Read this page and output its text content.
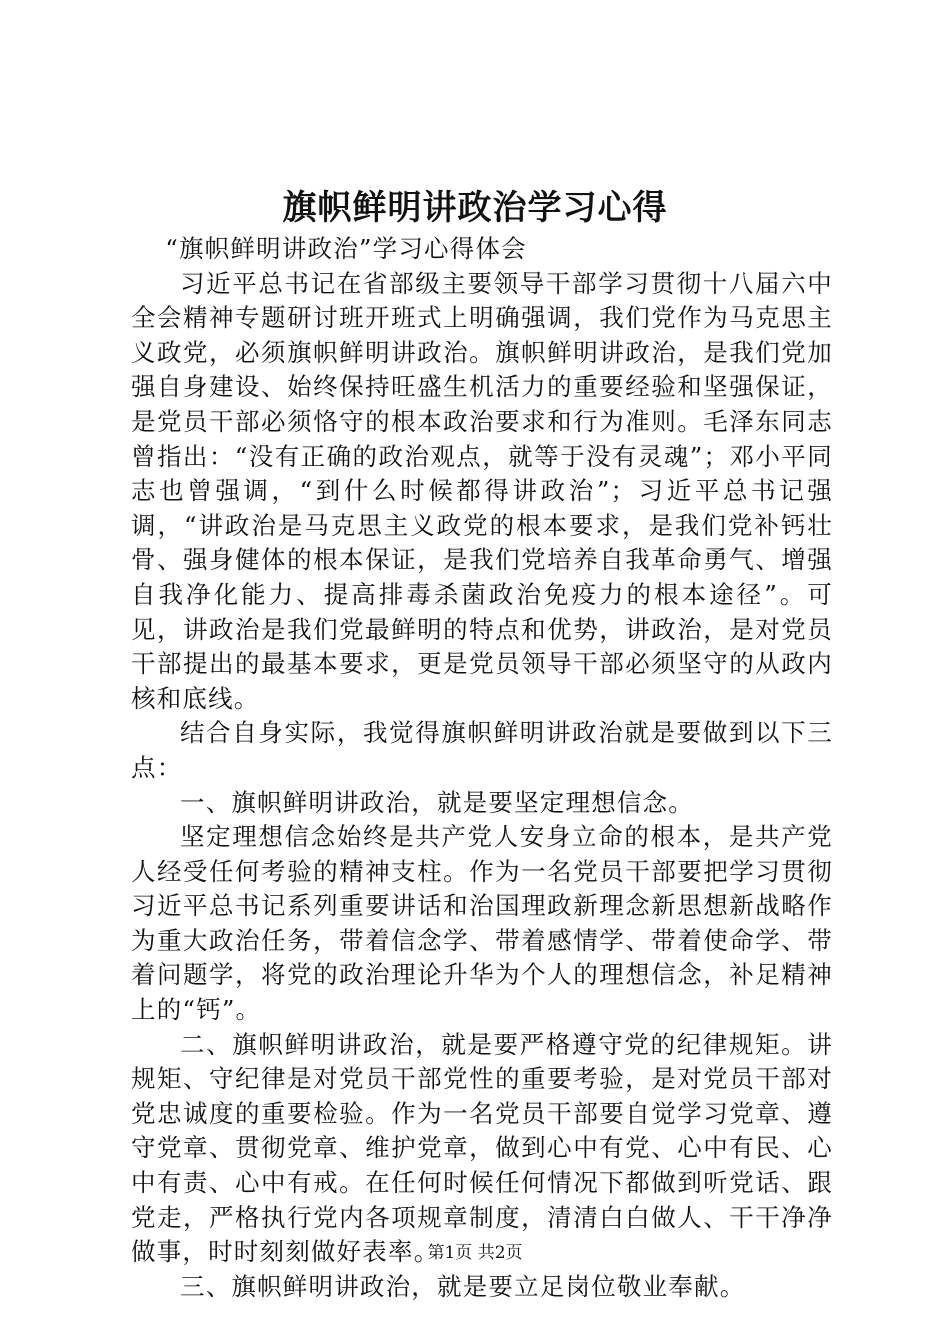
旗帜鲜明讲政治学习心得

“旗帜鲜明讲政治”学习心得体会

习近平总书记在省部级主要领导干部学习贯彻十八届六中全会精神专题研讨班开班式上明确强调，我们党作为马克思主义政党，必须旗帜鲜明讲政治。旗帜鲜明讲政治，是我们党加强自身建设、始终保持旺盛生机活力的重要经验和坚强保证，是党员干部必须恪守的根本政治要求和行为准则。毛泽东同志曾指出：“没有正确的政治观点，就等于没有灵魂”；邓小平同志也曾强调，“到什么时候都得讲政治”；习近平总书记强调，“讲政治是马克思主义政党的根本要求，是我们党补钙壮骨、强身健体的根本保证，是我们党培养自我革命勇气、增强自我净化能力、提高排毒杀菌政治免疫力的根本途径”。可见，讲政治是我们党最鲜明的特点和优势，讲政治，是对党员干部提出的最基本要求，更是党员领导干部必须坚守的从政内核和底线。

结合自身实际，我觉得旗帜鲜明讲政治就是要做到以下三点：

一、旗帜鲜明讲政治，就是要坚定理想信念。

坚定理想信念始终是共产党人安身立命的根本，是共产党人经受任何考验的精神支柱。作为一名党员干部要把学习贯彻习近平总书记系列重要讲话和治国理政新理念新思想新战略作为重大政治任务，带着信念学、带着感情学、带着使命学、带着问题学，将党的政治理论升华为个人的理想信念，补足精神上的“钙”。

二、旗帜鲜明讲政治，就是要严格遵守党的纪律规矩。讲规矩、守纪律是对党员干部党性的重要考验，是对党员干部对党忠诚度的重要检验。作为一名党员干部要自觉学习党章、遵守党章、贯彻党章、维护党章，做到心中有党、心中有民、心中有责、心中有戒。在任何时候任何情况下都做到听党话、跟党走，严格执行党内各项规章制度，清清白白做人、干干净净做事，时时刻刻做好表率。

三、旗帜鲜明讲政治，就是要立足岗位敬业奉献。

第1页 共2页
